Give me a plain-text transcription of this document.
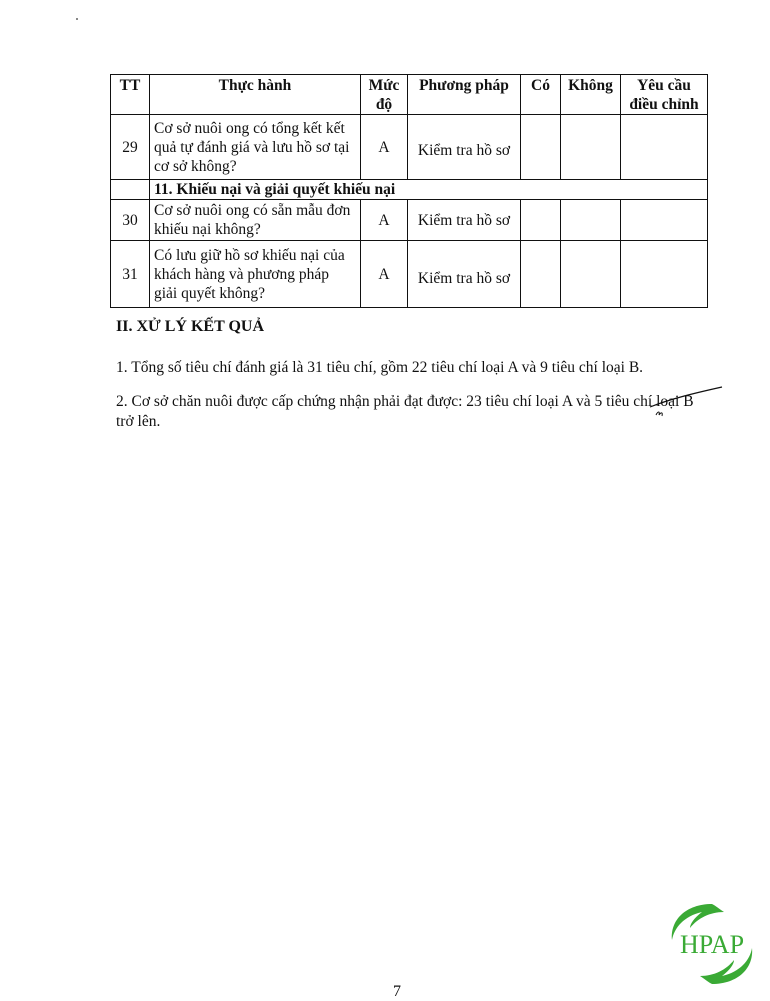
TT	Thực hành	Mức độ	Phương pháp	Có	Không	Yêu cầu điều chỉnh
29	Cơ sở nuôi ong có tổng kết kết quả tự đánh giá và lưu hồ sơ tại cơ sở không?	A	Kiểm tra hồ sơ			
	11. Khiếu nại và giải quyết khiếu nại					
30	Cơ sở nuôi ong có sẵn mẫu đơn khiếu nại không?	A	Kiểm tra hồ sơ			
31	Có lưu giữ hồ sơ khiếu nại của khách hàng và phương pháp giải quyết không?	A	Kiểm tra hồ sơ			
II. XỬ LÝ KẾT QUẢ
1. Tổng số tiêu chí đánh giá là 31 tiêu chí, gồm 22 tiêu chí loại A và 9 tiêu chí loại B.
2. Cơ sở chăn nuôi được cấp chứng nhận phải đạt được: 23 tiêu chí loại A và 5 tiêu chí loại B trở lên.
HPAP
7
